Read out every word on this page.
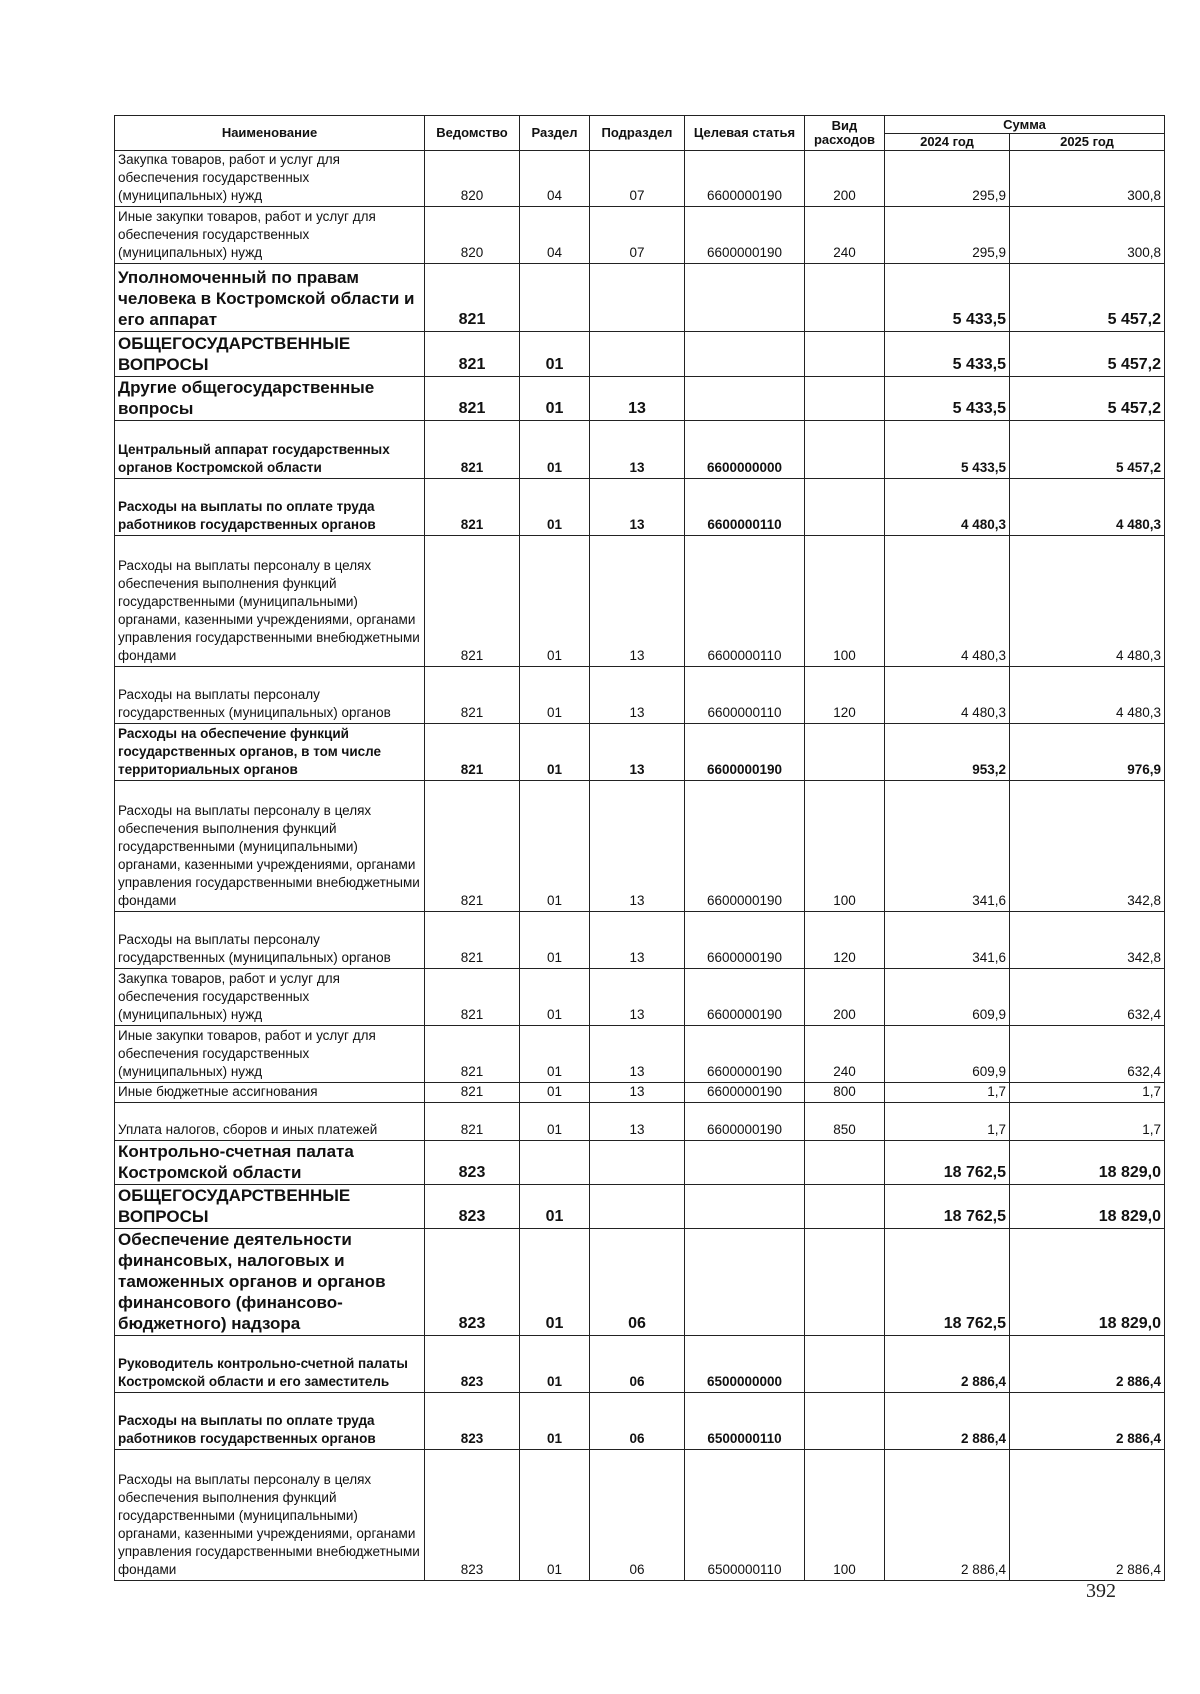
Наименование	Ведомство	Раздел	Подраздел	Целевая статья	Вид расходов	Сумма	
						2024 год	2025 год
Закупка товаров, работ и услуг для обеспечения государственных (муниципальных) нужд	820	04	07	6600000190	200	295,9	300,8
Иные закупки товаров, работ и услуг для обеспечения государственных (муниципальных) нужд	820	04	07	6600000190	240	295,9	300,8
Уполномоченный по правам человека в Костромской области и его аппарат	821					5 433,5	5 457,2
ОБЩЕГОСУДАРСТВЕННЫЕ ВОПРОСЫ	821	01				5 433,5	5 457,2
Другие общегосударственные вопросы	821	01	13			5 433,5	5 457,2
Центральный аппарат государственных органов Костромской области	821	01	13	6600000000		5 433,5	5 457,2
Расходы на выплаты по оплате труда работников государственных органов	821	01	13	6600000110		4 480,3	4 480,3
Расходы на выплаты персоналу в целях обеспечения выполнения функций государственными (муниципальными) органами, казенными учреждениями, органами управления государственными внебюджетными фондами	821	01	13	6600000110	100	4 480,3	4 480,3
Расходы на выплаты персоналу государственных (муниципальных) органов	821	01	13	6600000110	120	4 480,3	4 480,3
Расходы на обеспечение функций государственных органов, в том числе территориальных органов	821	01	13	6600000190		953,2	976,9
Расходы на выплаты персоналу в целях обеспечения выполнения функций государственными (муниципальными) органами, казенными учреждениями, органами управления государственными внебюджетными фондами	821	01	13	6600000190	100	341,6	342,8
Расходы на выплаты персоналу государственных (муниципальных) органов	821	01	13	6600000190	120	341,6	342,8
Закупка товаров, работ и услуг для обеспечения государственных (муниципальных) нужд	821	01	13	6600000190	200	609,9	632,4
Иные закупки товаров, работ и услуг для обеспечения государственных (муниципальных) нужд	821	01	13	6600000190	240	609,9	632,4
Иные бюджетные ассигнования	821	01	13	6600000190	800	1,7	1,7
Уплата налогов, сборов и иных платежей	821	01	13	6600000190	850	1,7	1,7
Контрольно-счетная палата Костромской области	823					18 762,5	18 829,0
ОБЩЕГОСУДАРСТВЕННЫЕ ВОПРОСЫ	823	01				18 762,5	18 829,0
Обеспечение деятельности финансовых, налоговых и таможенных органов и органов финансового (финансово-бюджетного) надзора	823	01	06			18 762,5	18 829,0
Руководитель контрольно-счетной палаты Костромской области и его заместитель	823	01	06	6500000000		2 886,4	2 886,4
Расходы на выплаты по оплате труда работников государственных органов	823	01	06	6500000110		2 886,4	2 886,4
Расходы на выплаты персоналу в целях обеспечения выполнения функций государственными (муниципальными) органами, казенными учреждениями, органами управления государственными внебюджетными фондами	823	01	06	6500000110	100	2 886,4	2 886,4
392
